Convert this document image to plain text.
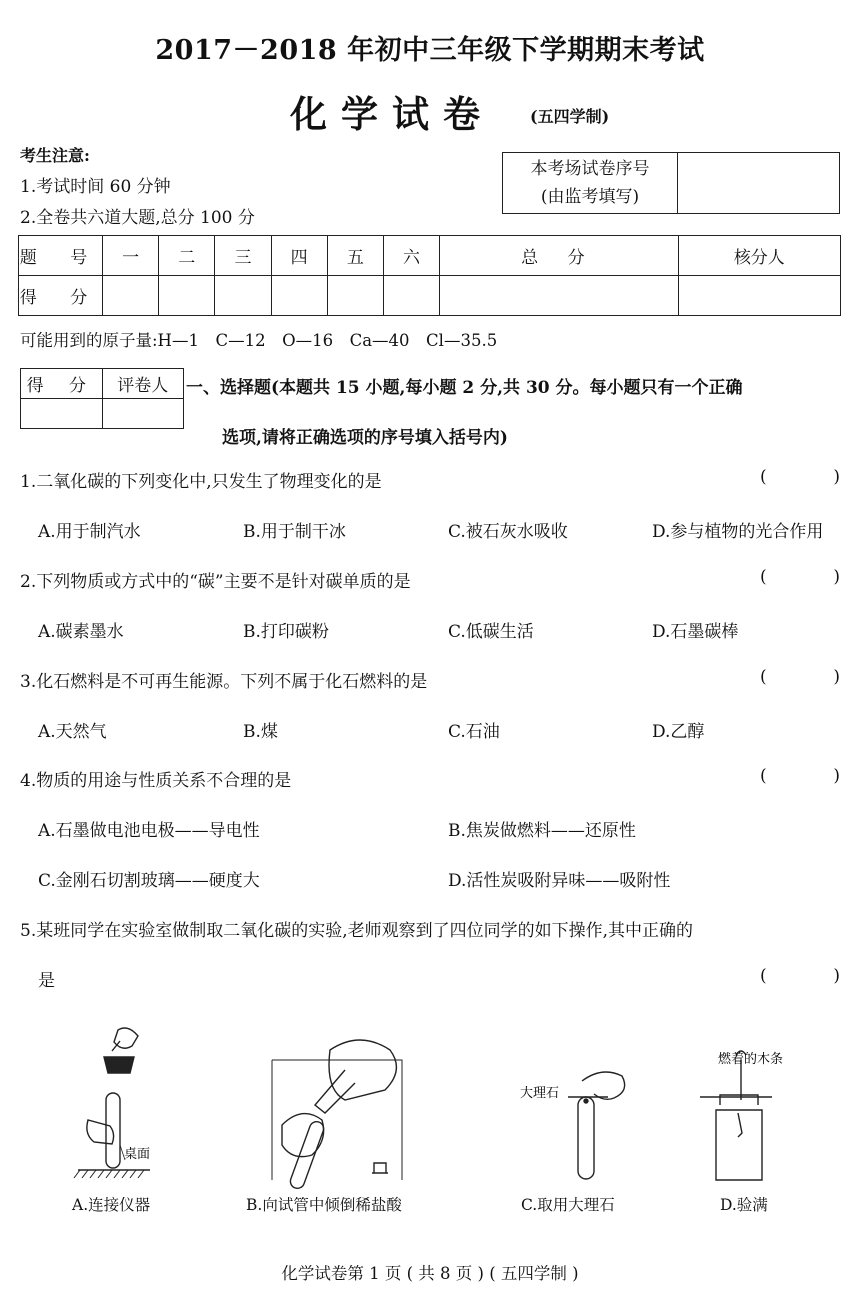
2017－2018 年初中三年级下学期期末考试
化学试卷 (五四学制)
考生注意:
1.考试时间 60 分钟
2.全卷共六道大题,总分 100 分
本考场试卷序号
(由监考填写)
题 号	一	二	三	四	五	六	总 分	核分人
得 分								
可能用到的原子量:H—1　C—12　O—16　Ca—40　Cl—35.5
得 分	评卷人
	一、选择题(本题共 15 小题,每小题 2 分,共 30 分。每小题只有一个正确
选项,请将正确选项的序号填入括号内)
1.二氧化碳的下列变化中,只发生了物理变化的是	(	)
A.用于制汽水	B.用于制干冰	C.被石灰水吸收	D.参与植物的光合作用
2.下列物质或方式中的“碳”主要不是针对碳单质的是	(	)
A.碳素墨水	B.打印碳粉	C.低碳生活	D.石墨碳棒
3.化石燃料是不可再生能源。下列不属于化石燃料的是	(	)
A.天然气	B.煤	C.石油	D.乙醇
4.物质的用途与性质关系不合理的是	(	)
A.石墨做电池电极——导电性	B.焦炭做燃料——还原性
C.金刚石切割玻璃——硬度大	D.活性炭吸附异味——吸附性
5.某班同学在实验室做制取二氧化碳的实验,老师观察到了四位同学的如下操作,其中正确的
是	(	)
桌面
大理石
燃着的木条
A.连接仪器	B.向试管中倾倒稀盐酸	C.取用大理石	D.验满
化学试卷第 1 页 ( 共 8 页 ) ( 五四学制 )
